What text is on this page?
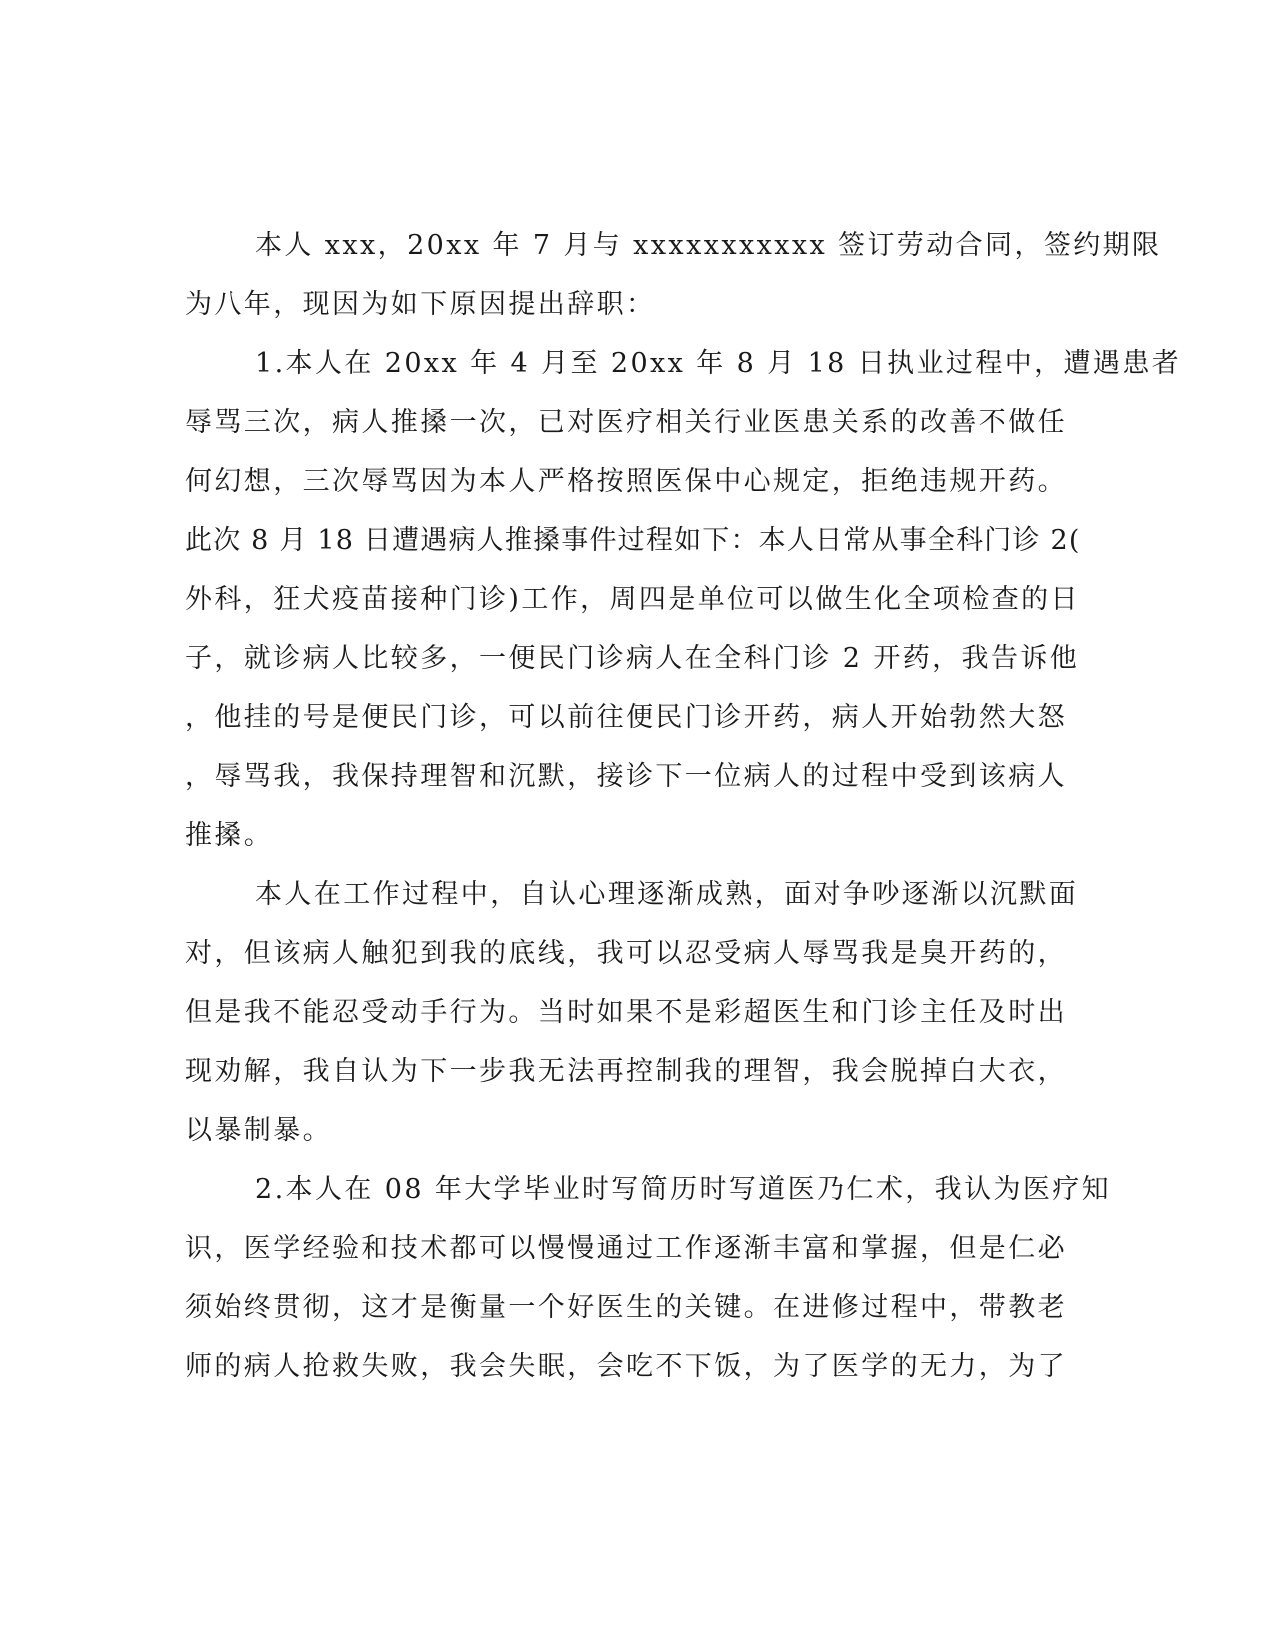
本人 xxx，20xx 年 7 月与 xxxxxxxxxxx 签订劳动合同，签约期限
为八年，现因为如下原因提出辞职：
1.本人在 20xx 年 4 月至 20xx 年 8 月 18 日执业过程中，遭遇患者
辱骂三次，病人推搡一次，已对医疗相关行业医患关系的改善不做任
何幻想，三次辱骂因为本人严格按照医保中心规定，拒绝违规开药。
此次 8 月 18 日遭遇病人推搡事件过程如下：本人日常从事全科门诊 2(
外科，狂犬疫苗接种门诊)工作，周四是单位可以做生化全项检查的日
子，就诊病人比较多，一便民门诊病人在全科门诊 2 开药，我告诉他
，他挂的号是便民门诊，可以前往便民门诊开药，病人开始勃然大怒
，辱骂我，我保持理智和沉默，接诊下一位病人的过程中受到该病人
推搡。
本人在工作过程中，自认心理逐渐成熟，面对争吵逐渐以沉默面
对，但该病人触犯到我的底线，我可以忍受病人辱骂我是臭开药的，
但是我不能忍受动手行为。当时如果不是彩超医生和门诊主任及时出
现劝解，我自认为下一步我无法再控制我的理智，我会脱掉白大衣，
以暴制暴。
2.本人在 08 年大学毕业时写简历时写道医乃仁术，我认为医疗知
识，医学经验和技术都可以慢慢通过工作逐渐丰富和掌握，但是仁必
须始终贯彻，这才是衡量一个好医生的关键。在进修过程中，带教老
师的病人抢救失败，我会失眠，会吃不下饭，为了医学的无力，为了
